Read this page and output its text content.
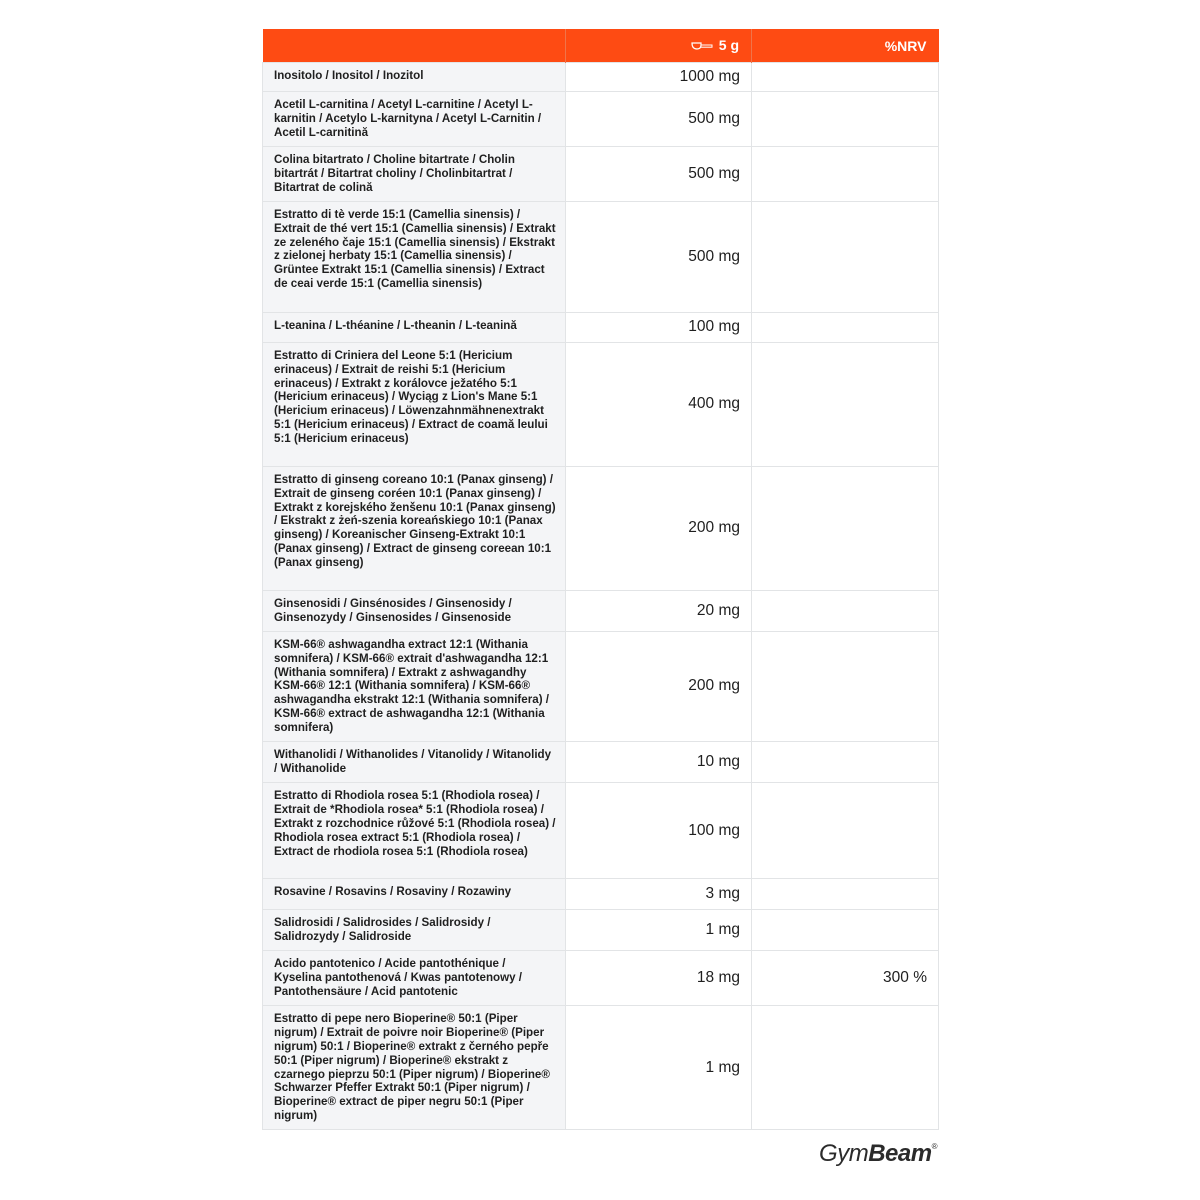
	5 g	%NRV
Inositolo / Inositol / Inozitol	1000 mg	
Acetil L-carnitina / Acetyl L-carnitine / Acetyl L-karnitin / Acetylo L-karnityna / Acetyl L-Carnitin / Acetil L-carnitină	500 mg	
Colina bitartrato / Choline bitartrate / Cholin bitartrát / Bitartrat choliny / Cholinbitartrat / Bitartrat de colină	500 mg	
Estratto di tè verde 15:1 (Camellia sinensis) / Extrait de thé vert 15:1 (Camellia sinensis) / Extrakt ze zeleného čaje 15:1 (Camellia sinensis) / Ekstrakt z zielonej herbaty 15:1 (Camellia sinensis) / Grüntee Extrakt 15:1 (Camellia sinensis) / Extract de ceai verde 15:1 (Camellia sinensis)	500 mg	
L-teanina / L-théanine / L-theanin / L-teanină	100 mg	
Estratto di Criniera del Leone 5:1 (Hericium erinaceus) / Extrait de reishi 5:1 (Hericium erinaceus) / Extrakt z korálovce ježatého 5:1 (Hericium erinaceus) / Wyciąg z Lion's Mane 5:1 (Hericium erinaceus) / Löwenzahnmähnenextrakt 5:1 (Hericium erinaceus) / Extract de coamă leului 5:1 (Hericium erinaceus)	400 mg	
Estratto di ginseng coreano 10:1 (Panax ginseng) / Extrait de ginseng coréen 10:1 (Panax ginseng) / Extrakt z korejského ženšenu 10:1 (Panax ginseng) / Ekstrakt z żeń-szenia koreańskiego 10:1 (Panax ginseng) / Koreanischer Ginseng-Extrakt 10:1 (Panax ginseng) / Extract de ginseng coreean 10:1 (Panax ginseng)	200 mg	
Ginsenosidi / Ginsénosides / Ginsenosidy / Ginsenozydy / Ginsenosides / Ginsenoside	20 mg	
KSM-66® ashwagandha extract 12:1 (Withania somnifera) / KSM-66® extrait d'ashwagandha 12:1 (Withania somnifera) / Extrakt z ashwagandhy KSM-66® 12:1 (Withania somnifera) / KSM-66® ashwagandha ekstrakt 12:1 (Withania somnifera) / KSM-66® extract de ashwagandha 12:1 (Withania somnifera)	200 mg	
Withanolidi / Withanolides / Vitanolidy / Witanolidy / Withanolide	10 mg	
Estratto di Rhodiola rosea 5:1 (Rhodiola rosea) / Extrait de *Rhodiola rosea* 5:1 (Rhodiola rosea) / Extrakt z rozchodnice růžové 5:1 (Rhodiola rosea) / Rhodiola rosea extract 5:1 (Rhodiola rosea) / Extract de rhodiola rosea 5:1 (Rhodiola rosea)	100 mg	
Rosavine / Rosavins / Rosaviny / Rozawiny	3 mg	
Salidrosidi / Salidrosides / Salidrosidy / Salidrozydy / Salidroside	1 mg	
Acido pantotenico / Acide pantothénique / Kyselina pantothenová / Kwas pantotenowy / Pantothensäure / Acid pantotenic	18 mg	300 %
Estratto di pepe nero Bioperine® 50:1 (Piper nigrum) / Extrait de poivre noir Bioperine® (Piper nigrum) 50:1 / Bioperine® extrakt z černého pepře 50:1 (Piper nigrum) / Bioperine® ekstrakt z czarnego pieprzu 50:1 (Piper nigrum) / Bioperine® Schwarzer Pfeffer Extrakt 50:1 (Piper nigrum) / Bioperine® extract de piper negru 50:1 (Piper nigrum)	1 mg	
GymBeam®
